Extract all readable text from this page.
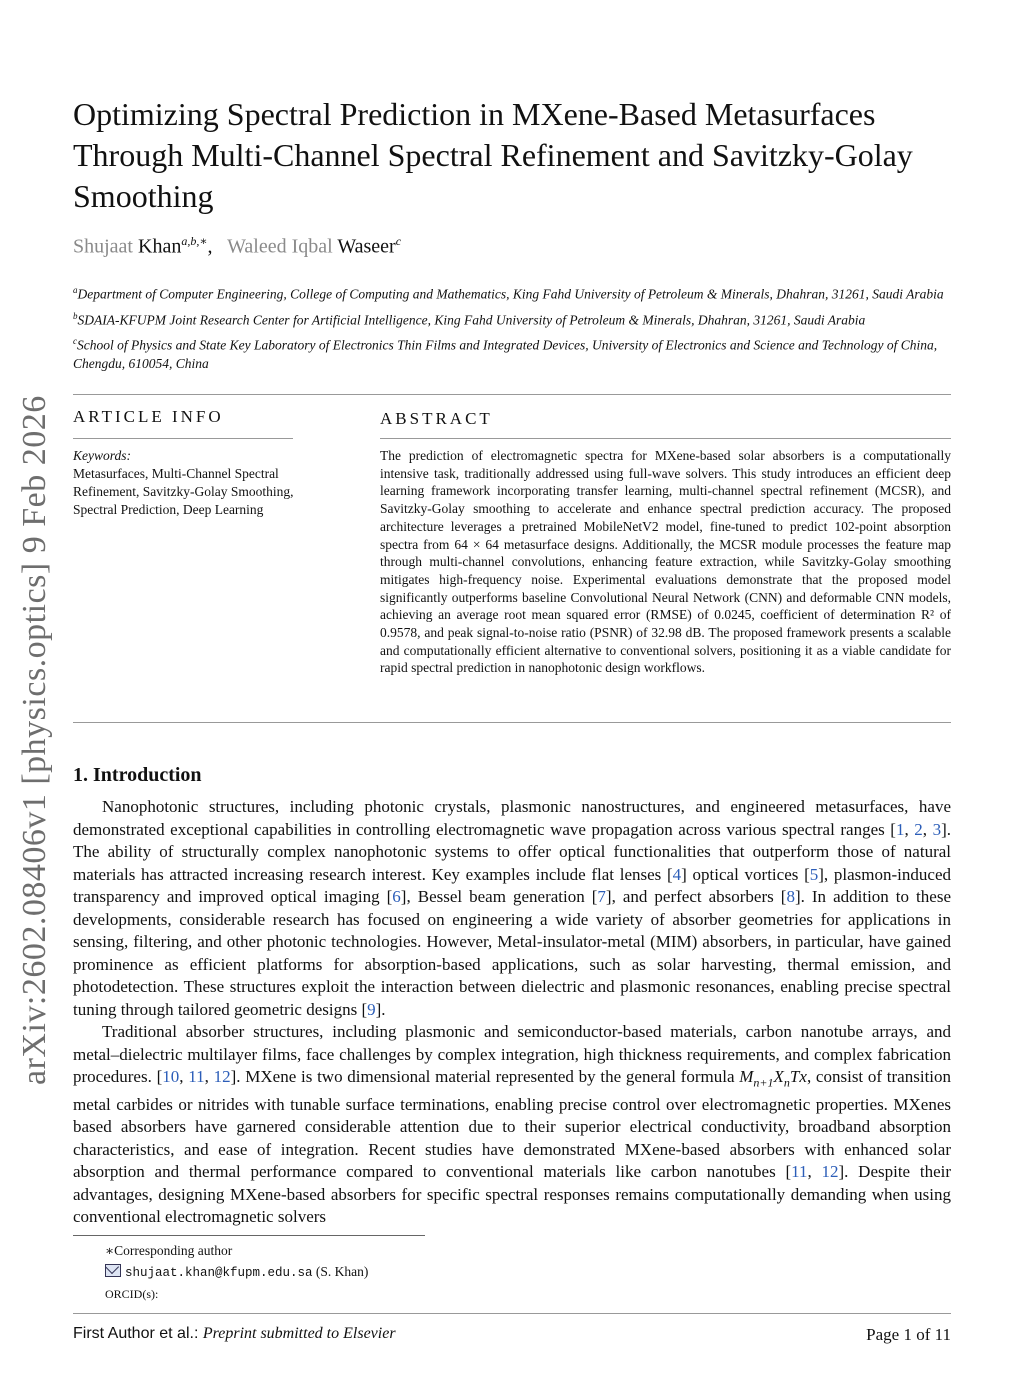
arXiv:2602.08406v1 [physics.optics] 9 Feb 2026
Optimizing Spectral Prediction in MXene-Based Metasurfaces
Through Multi-Channel Spectral Refinement and Savitzky-Golay
Smoothing
Shujaat Khan$^{a,b,∗}$,   Waleed Iqbal Waseer$^c$

$^a$Department of Computer Engineering, College of Computing and Mathematics, King Fahd University of Petroleum & Minerals, Dhahran, 31261, Saudi Arabia

$^b$SDAIA-KFUPM Joint Research Center for Artificial Intelligence, King Fahd University of Petroleum & Minerals, Dhahran, 31261, Saudi Arabia

$^c$School of Physics and State Key Laboratory of Electronics Thin Films and Integrated Devices, University of Electronics and Science and Technology of China, Chengdu, 610054, China

ARTICLE INFO	ABSTRACT
Keywords:
Metasurfaces, Multi-Channel Spectral Refinement, Savitzky-Golay Smoothing, Spectral Prediction, Deep Learning

The prediction of electromagnetic spectra for MXene-based solar absorbers is a computationally intensive task, traditionally addressed using full-wave solvers. This study introduces an efficient deep learning framework incorporating transfer learning, multi-channel spectral refinement (MCSR), and Savitzky-Golay smoothing to accelerate and enhance spectral prediction accuracy. The proposed architecture leverages a pretrained MobileNetV2 model, fine-tuned to predict 102-point absorption spectra from 64 × 64 metasurface designs. Additionally, the MCSR module processes the feature map through multi-channel convolutions, enhancing feature extraction, while Savitzky-Golay smoothing mitigates high-frequency noise. Experimental evaluations demonstrate that the proposed model significantly outperforms baseline Convolutional Neural Network (CNN) and deformable CNN models, achieving an average root mean squared error (RMSE) of 0.0245, coefficient of determination R² of 0.9578, and peak signal-to-noise ratio (PSNR) of 32.98 dB. The proposed framework presents a scalable and computationally efficient alternative to conventional solvers, positioning it as a viable candidate for rapid spectral prediction in nanophotonic design workflows.

1. Introduction

Nanophotonic structures, including photonic crystals, plasmonic nanostructures, and engineered metasurfaces, have demonstrated exceptional capabilities in controlling electromagnetic wave propagation across various spectral ranges [1, 2, 3]. The ability of structurally complex nanophotonic systems to offer optical functionalities that outperform those of natural materials has attracted increasing research interest. Key examples include flat lenses [4] optical vortices [5], plasmon-induced transparency and improved optical imaging [6], Bessel beam generation [7], and perfect absorbers [8]. In addition to these developments, considerable research has focused on engineering a wide variety of absorber geometries for applications in sensing, filtering, and other photonic technologies. However, Metal-insulator-metal (MIM) absorbers, in particular, have gained prominence as efficient platforms for absorption-based applications, such as solar harvesting, thermal emission, and photodetection. These structures exploit the interaction between dielectric and plasmonic resonances, enabling precise spectral tuning through tailored geometric designs [9].

Traditional absorber structures, including plasmonic and semiconductor-based materials, carbon nanotube arrays, and metal–dielectric multilayer films, face challenges by complex integration, high thickness requirements, and complex fabrication procedures. [10, 11, 12]. MXene is two dimensional material represented by the general formula $M_{n+1}X_nTx$, consist of transition metal carbides or nitrides with tunable surface terminations, enabling precise control over electromagnetic properties. MXenes based absorbers have garnered considerable attention due to their superior electrical conductivity, broadband absorption characteristics, and ease of integration. Recent studies have demonstrated MXene-based absorbers with enhanced solar absorption and thermal performance compared to conventional materials like carbon nanotubes [11, 12]. Despite their advantages, designing MXene-based absorbers for specific spectral responses remains computationally demanding when using conventional electromagnetic solvers

∗Corresponding author
shujaat.khan@kfupm.edu.sa (S. Khan)
ORCID(s):
First Author et al.: Preprint submitted to Elsevier	Page 1 of 11
